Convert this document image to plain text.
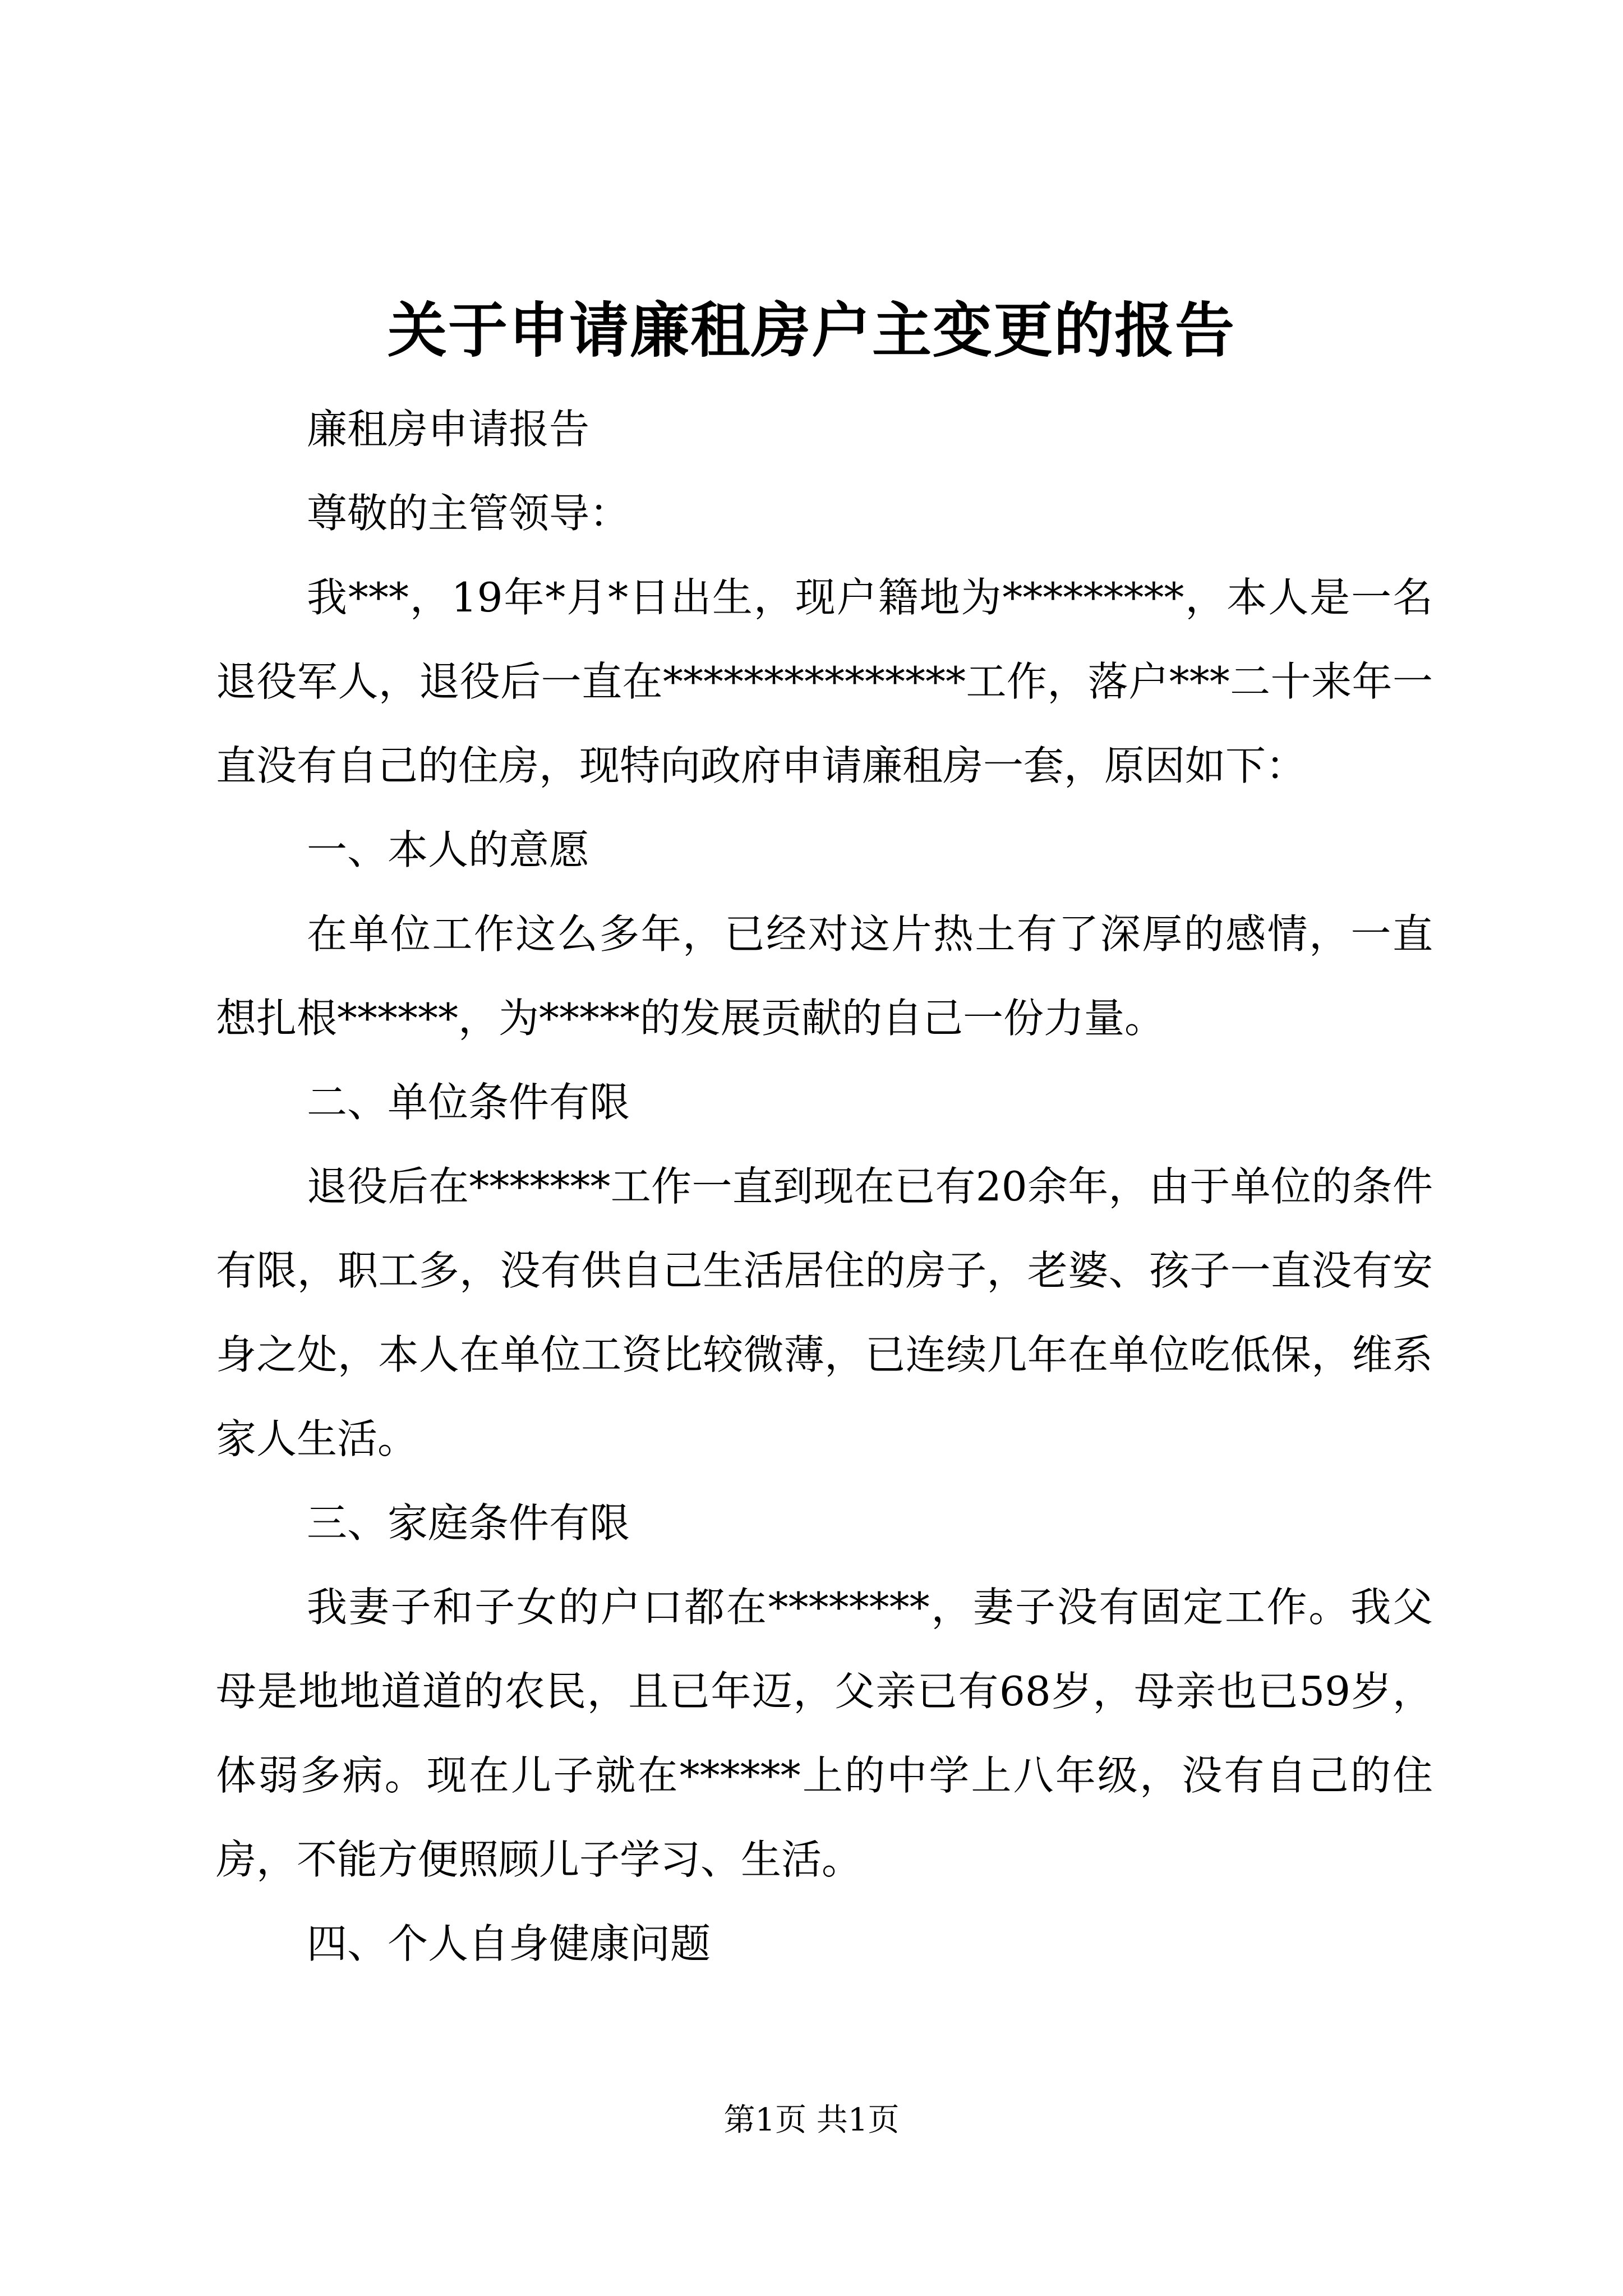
关于申请廉租房户主变更的报告

廉租房申请报告

尊敬的主管领导：

我***，19年*月*日出生，现户籍地为*********，本人是一名退役军人，退役后一直在***************工作，落户***二十来年一直没有自己的住房，现特向政府申请廉租房一套，原因如下：

一、本人的意愿

在单位工作这么多年，已经对这片热土有了深厚的感情，一直想扎根******，为*****的发展贡献的自己一份力量。

二、单位条件有限

退役后在*******工作一直到现在已有20余年，由于单位的条件有限，职工多，没有供自己生活居住的房子，老婆、孩子一直没有安身之处，本人在单位工资比较微薄，已连续几年在单位吃低保，维系家人生活。

三、家庭条件有限

我妻子和子女的户口都在********，妻子没有固定工作。我父母是地地道道的农民，且已年迈，父亲已有68岁，母亲也已59岁，体弱多病。现在儿子就在******上的中学上八年级，没有自己的住房，不能方便照顾儿子学习、生活。

四、个人自身健康问题

第1页 共1页
